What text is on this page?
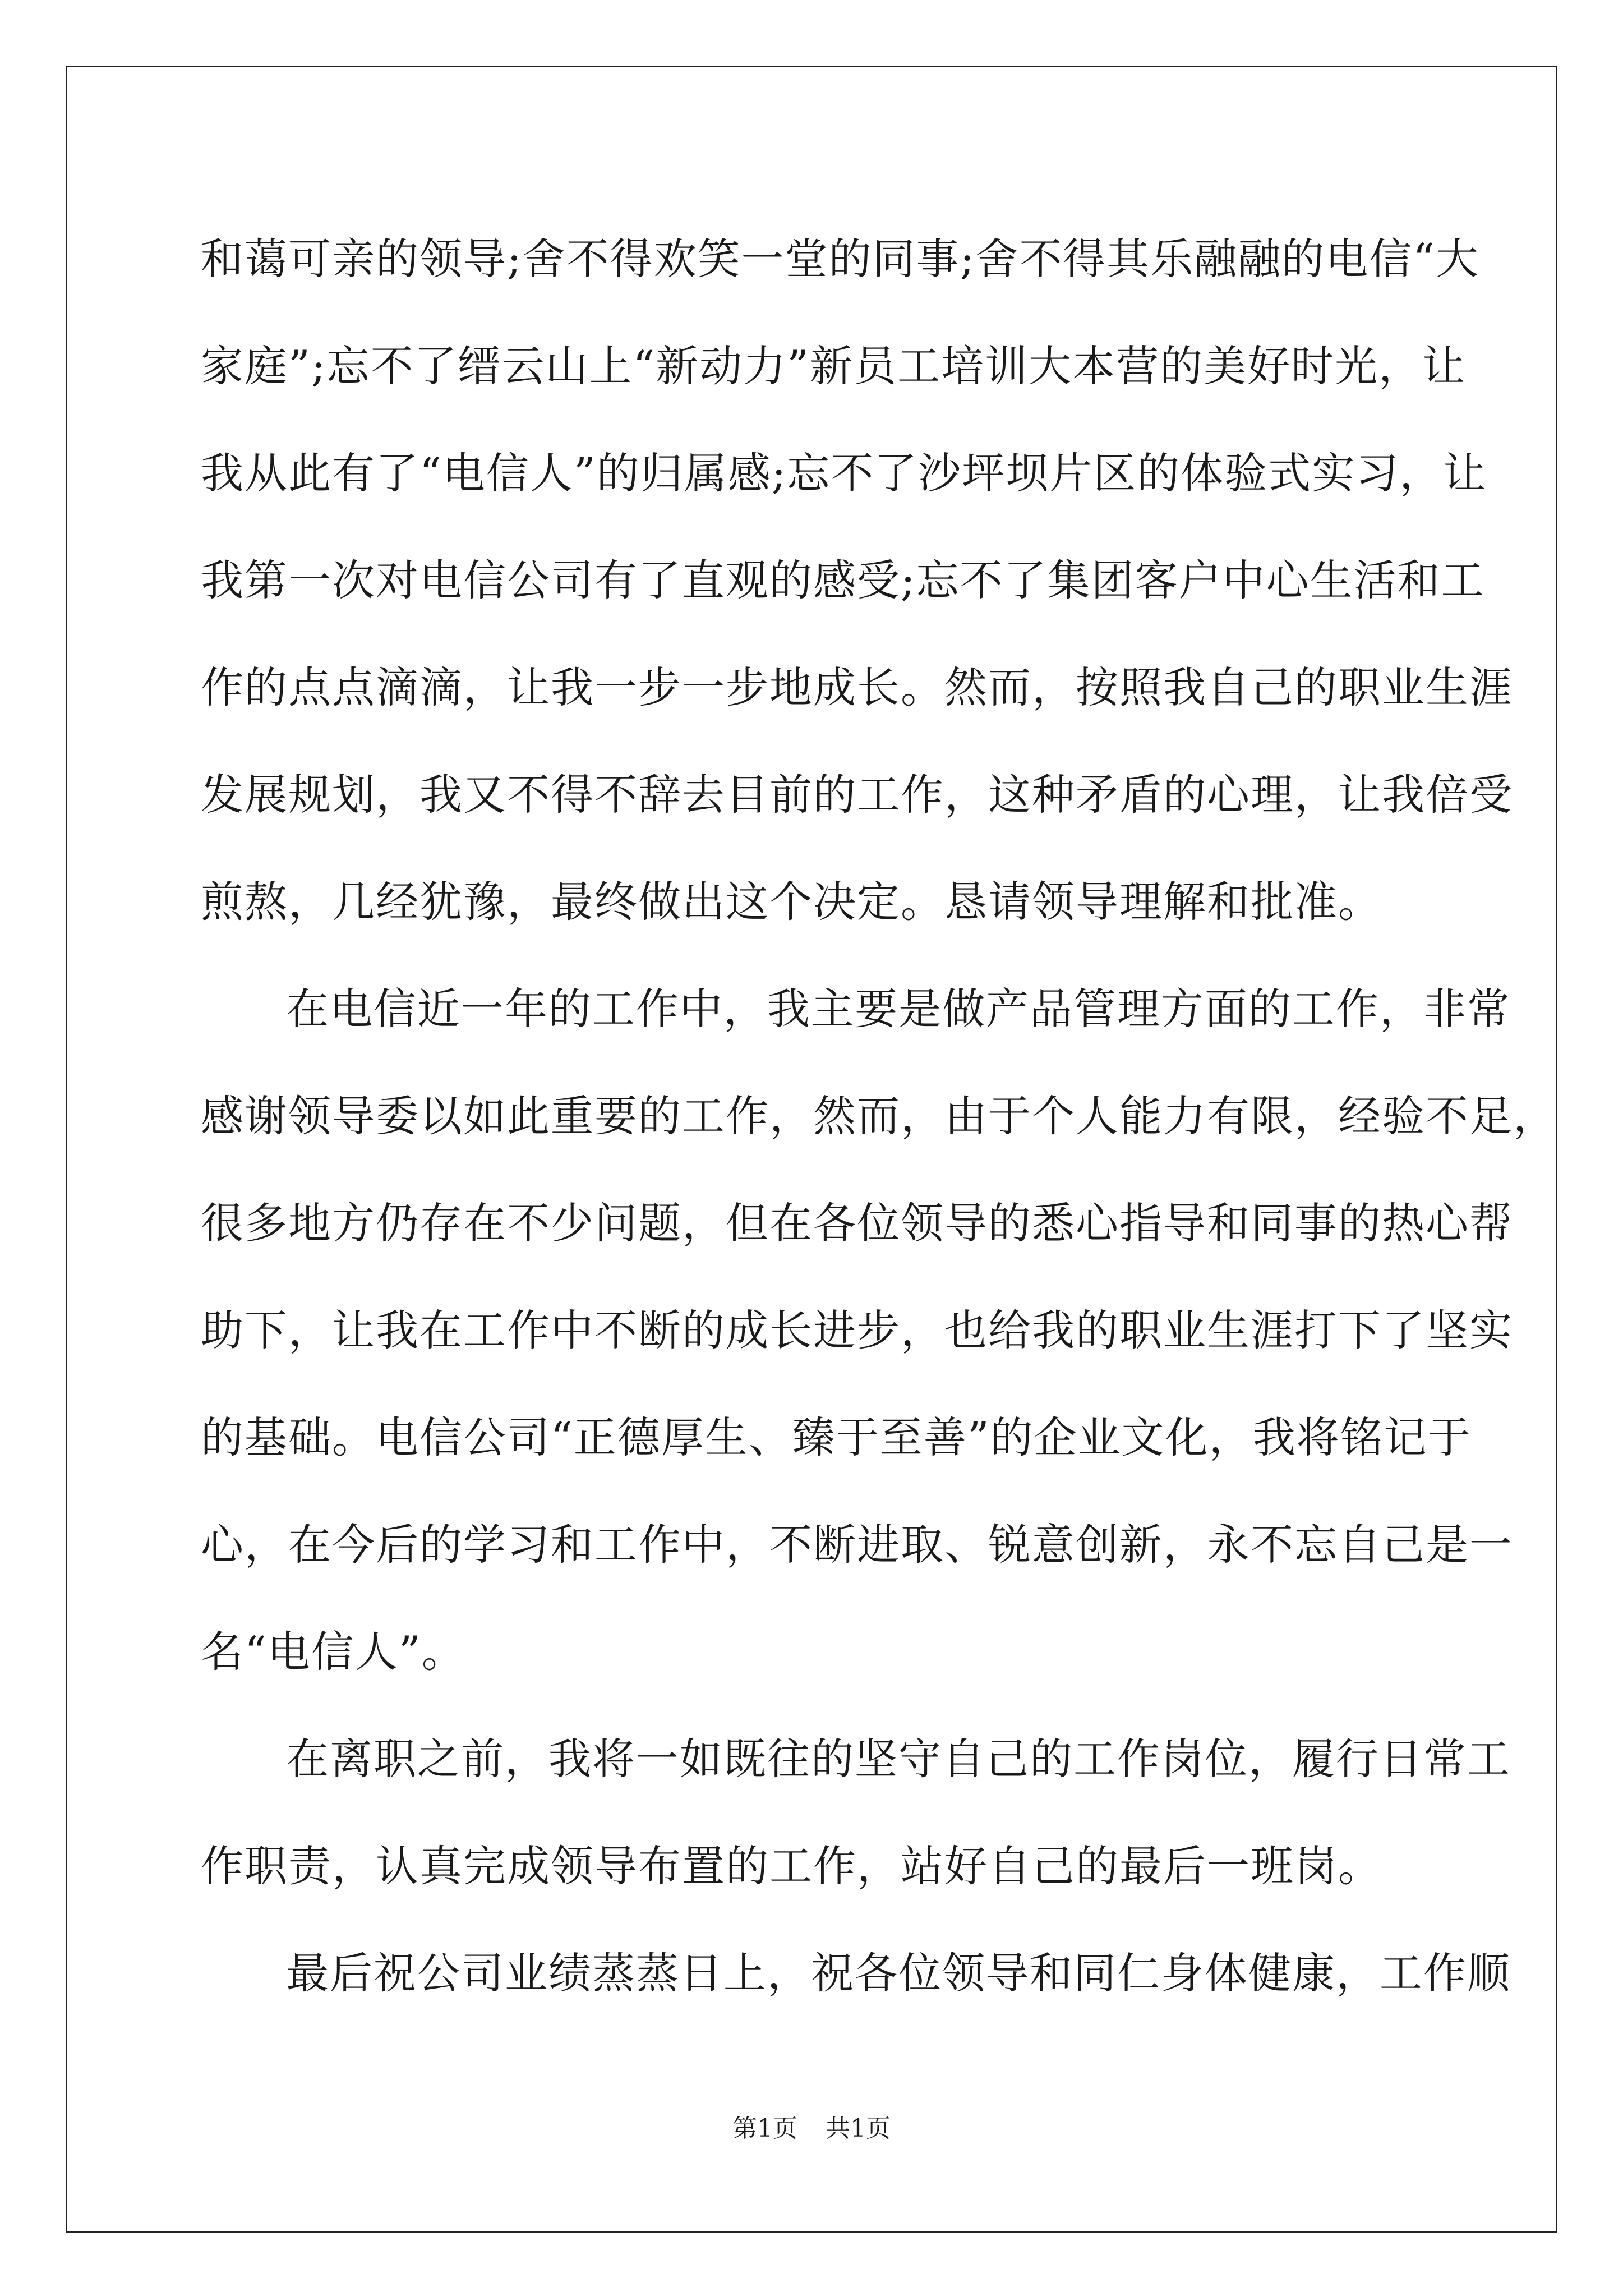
和蔼可亲的领导;舍不得欢笑一堂的同事;舍不得其乐融融的电信“大
家庭”;忘不了缙云山上“新动力”新员工培训大本营的美好时光，让
我从此有了“电信人”的归属感;忘不了沙坪坝片区的体验式实习，让
我第一次对电信公司有了直观的感受;忘不了集团客户中心生活和工
作的点点滴滴，让我一步一步地成长。然而，按照我自己的职业生涯
发展规划，我又不得不辞去目前的工作，这种矛盾的心理，让我倍受
煎熬，几经犹豫，最终做出这个决定。恳请领导理解和批准。
在电信近一年的工作中，我主要是做产品管理方面的工作，非常
感谢领导委以如此重要的工作，然而，由于个人能力有限，经验不足，
很多地方仍存在不少问题，但在各位领导的悉心指导和同事的热心帮
助下，让我在工作中不断的成长进步，也给我的职业生涯打下了坚实
的基础。电信公司“正德厚生、臻于至善”的企业文化，我将铭记于
心，在今后的学习和工作中，不断进取、锐意创新，永不忘自己是一
名“电信人”。
在离职之前，我将一如既往的坚守自己的工作岗位，履行日常工
作职责，认真完成领导布置的工作，站好自己的最后一班岗。
最后祝公司业绩蒸蒸日上，祝各位领导和同仁身体健康，工作顺
第1页 共1页
